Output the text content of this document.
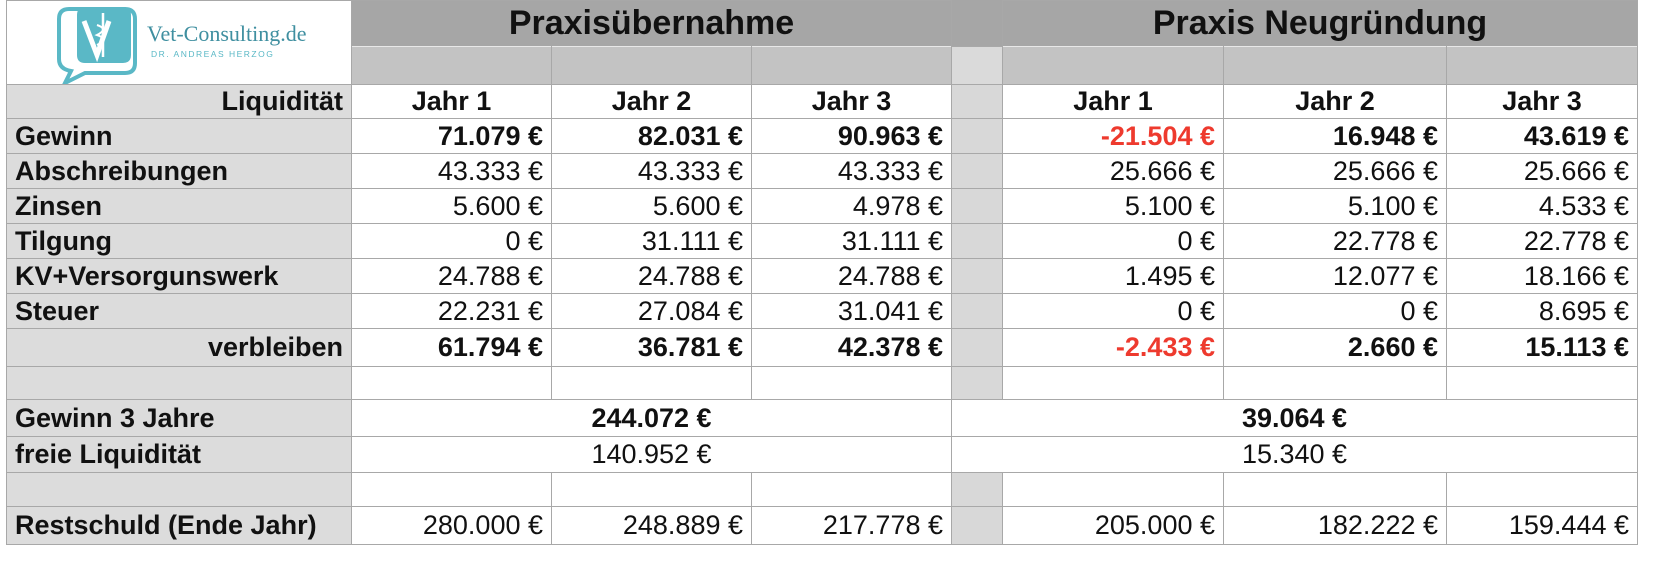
Vet-Consulting.de
DR. ANDREAS HERZOG	Praxisübernahme				Praxis Neugründung		

Liquidität	Jahr 1	Jahr 2	Jahr 3		Jahr 1	Jahr 2	Jahr 3
Gewinn	71.079 €	82.031 €	90.963 €		-21.504 €	16.948 €	43.619 €
Abschreibungen	43.333 €	43.333 €	43.333 €		25.666 €	25.666 €	25.666 €
Zinsen	5.600 €	5.600 €	4.978 €		5.100 €	5.100 €	4.533 €
Tilgung	0 €	31.111 €	31.111 €		0 €	22.778 €	22.778 €
KV+Versorgunswerk	24.788 €	24.788 €	24.788 €		1.495 €	12.077 €	18.166 €
Steuer	22.231 €	27.084 €	31.041 €		0 €	0 €	8.695 €
verbleiben	61.794 €	36.781 €	42.378 €		-2.433 €	2.660 €	15.113 €

Gewinn 3 Jahre	244.072 €			39.064 €			
freie Liquidität	140.952 €			15.340 €			

Restschuld (Ende Jahr)	280.000 €	248.889 €	217.778 €		205.000 €	182.222 €	159.444 €
